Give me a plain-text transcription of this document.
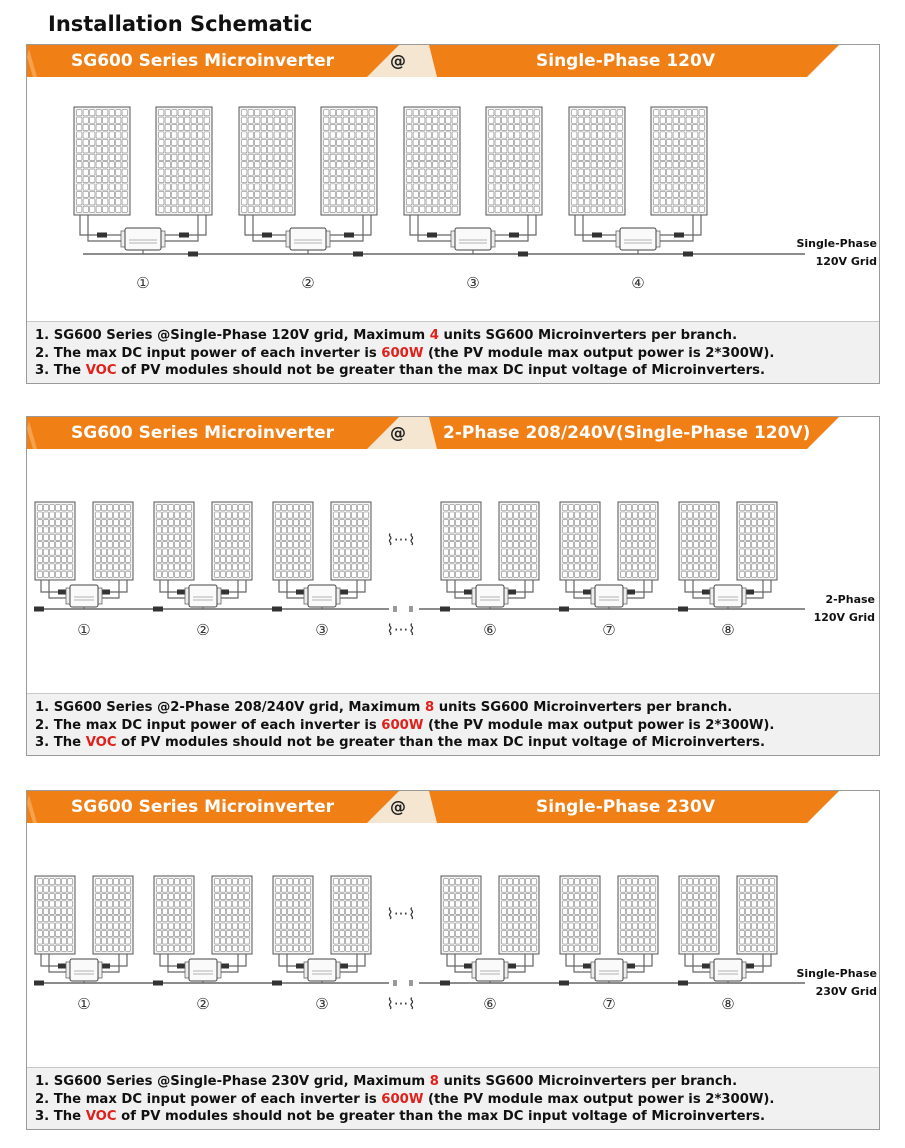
Installation Schematic
SG600 Series Microinverter	@	Single-Phase 120V
①	②	③	④
Single-Phase
120V Grid
1. SG600 Series @Single-Phase 120V grid, Maximum 4 units SG600 Microinverters per branch.
2. The max DC input power of each inverter is 600W (the PV module max output power is 2*300W).
3. The VOC of PV modules should not be greater than the max DC input voltage of Microinverters.
SG600 Series Microinverter	@ 2-Phase 208/240V(Single-Phase 120V)
①	②	③	⑥	⑦	⑧
⌇···⌇
⌇···⌇
2-Phase
120V Grid
1. SG600 Series @2-Phase 208/240V grid, Maximum 8 units SG600 Microinverters per branch.
2. The max DC input power of each inverter is 600W (the PV module max output power is 2*300W).
3. The VOC of PV modules should not be greater than the max DC input voltage of Microinverters.
SG600 Series Microinverter	@	Single-Phase 230V
①	②	③	⑥	⑦	⑧
⌇···⌇
⌇···⌇
Single-Phase
230V Grid
1. SG600 Series @Single-Phase 230V grid, Maximum 8 units SG600 Microinverters per branch.
2. The max DC input power of each inverter is 600W (the PV module max output power is 2*300W).
3. The VOC of PV modules should not be greater than the max DC input voltage of Microinverters.
